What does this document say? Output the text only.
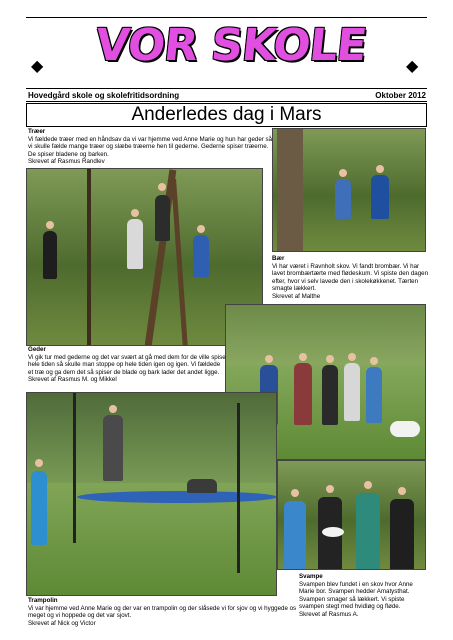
VOR SKOLE
◆	◆
Hovedgård skole og skolefritidsordning	Oktober 2012
Anderledes dag i Mars
Træer
Vi fældede træer med en håndsav da vi var hjemme ved Anne Marie og hun har geder så vi skulle fælde mange træer og slæbe træerne hen til gederne. Gederne spiser træerne. De spiser bladene og barken.
Skrevet af Rasmus Randlev
Bær
Vi har været i Ravnholt skov. Vi fandt brombær. Vi har lavet brombærtærte med flødeskum. Vi spiste den dagen efter, hvor vi selv lavede den i skolekøkkenet. Tærten smagte lækkert.
Skrevet af Malthe
Geder
Vi gik tur med gederne og det var svært at gå med dem for de ville spise hele tiden så skulle man stoppe op hele tiden igen og igen. Vi fældede et træ og ga dem det så spiser de blade og bark lader det andet ligge.
Skrevet af Rasmus M. og Mikkel
Trampolin
Vi var hjemme ved Anne Marie og der var en trampolin og der slåsede vi for sjov og vi hyggede os meget og vi hoppede og det var sjovt.
Skrevet af Nick og Victor
Svampe
Svampen blev fundet i en skov hvor Anne Marie bor. Svampen hedder Amatysthat. Svampen smager så lækkert. Vi spiste svampen stegt med hvidløg og fløde.
Skrevet af Rasmus A.
